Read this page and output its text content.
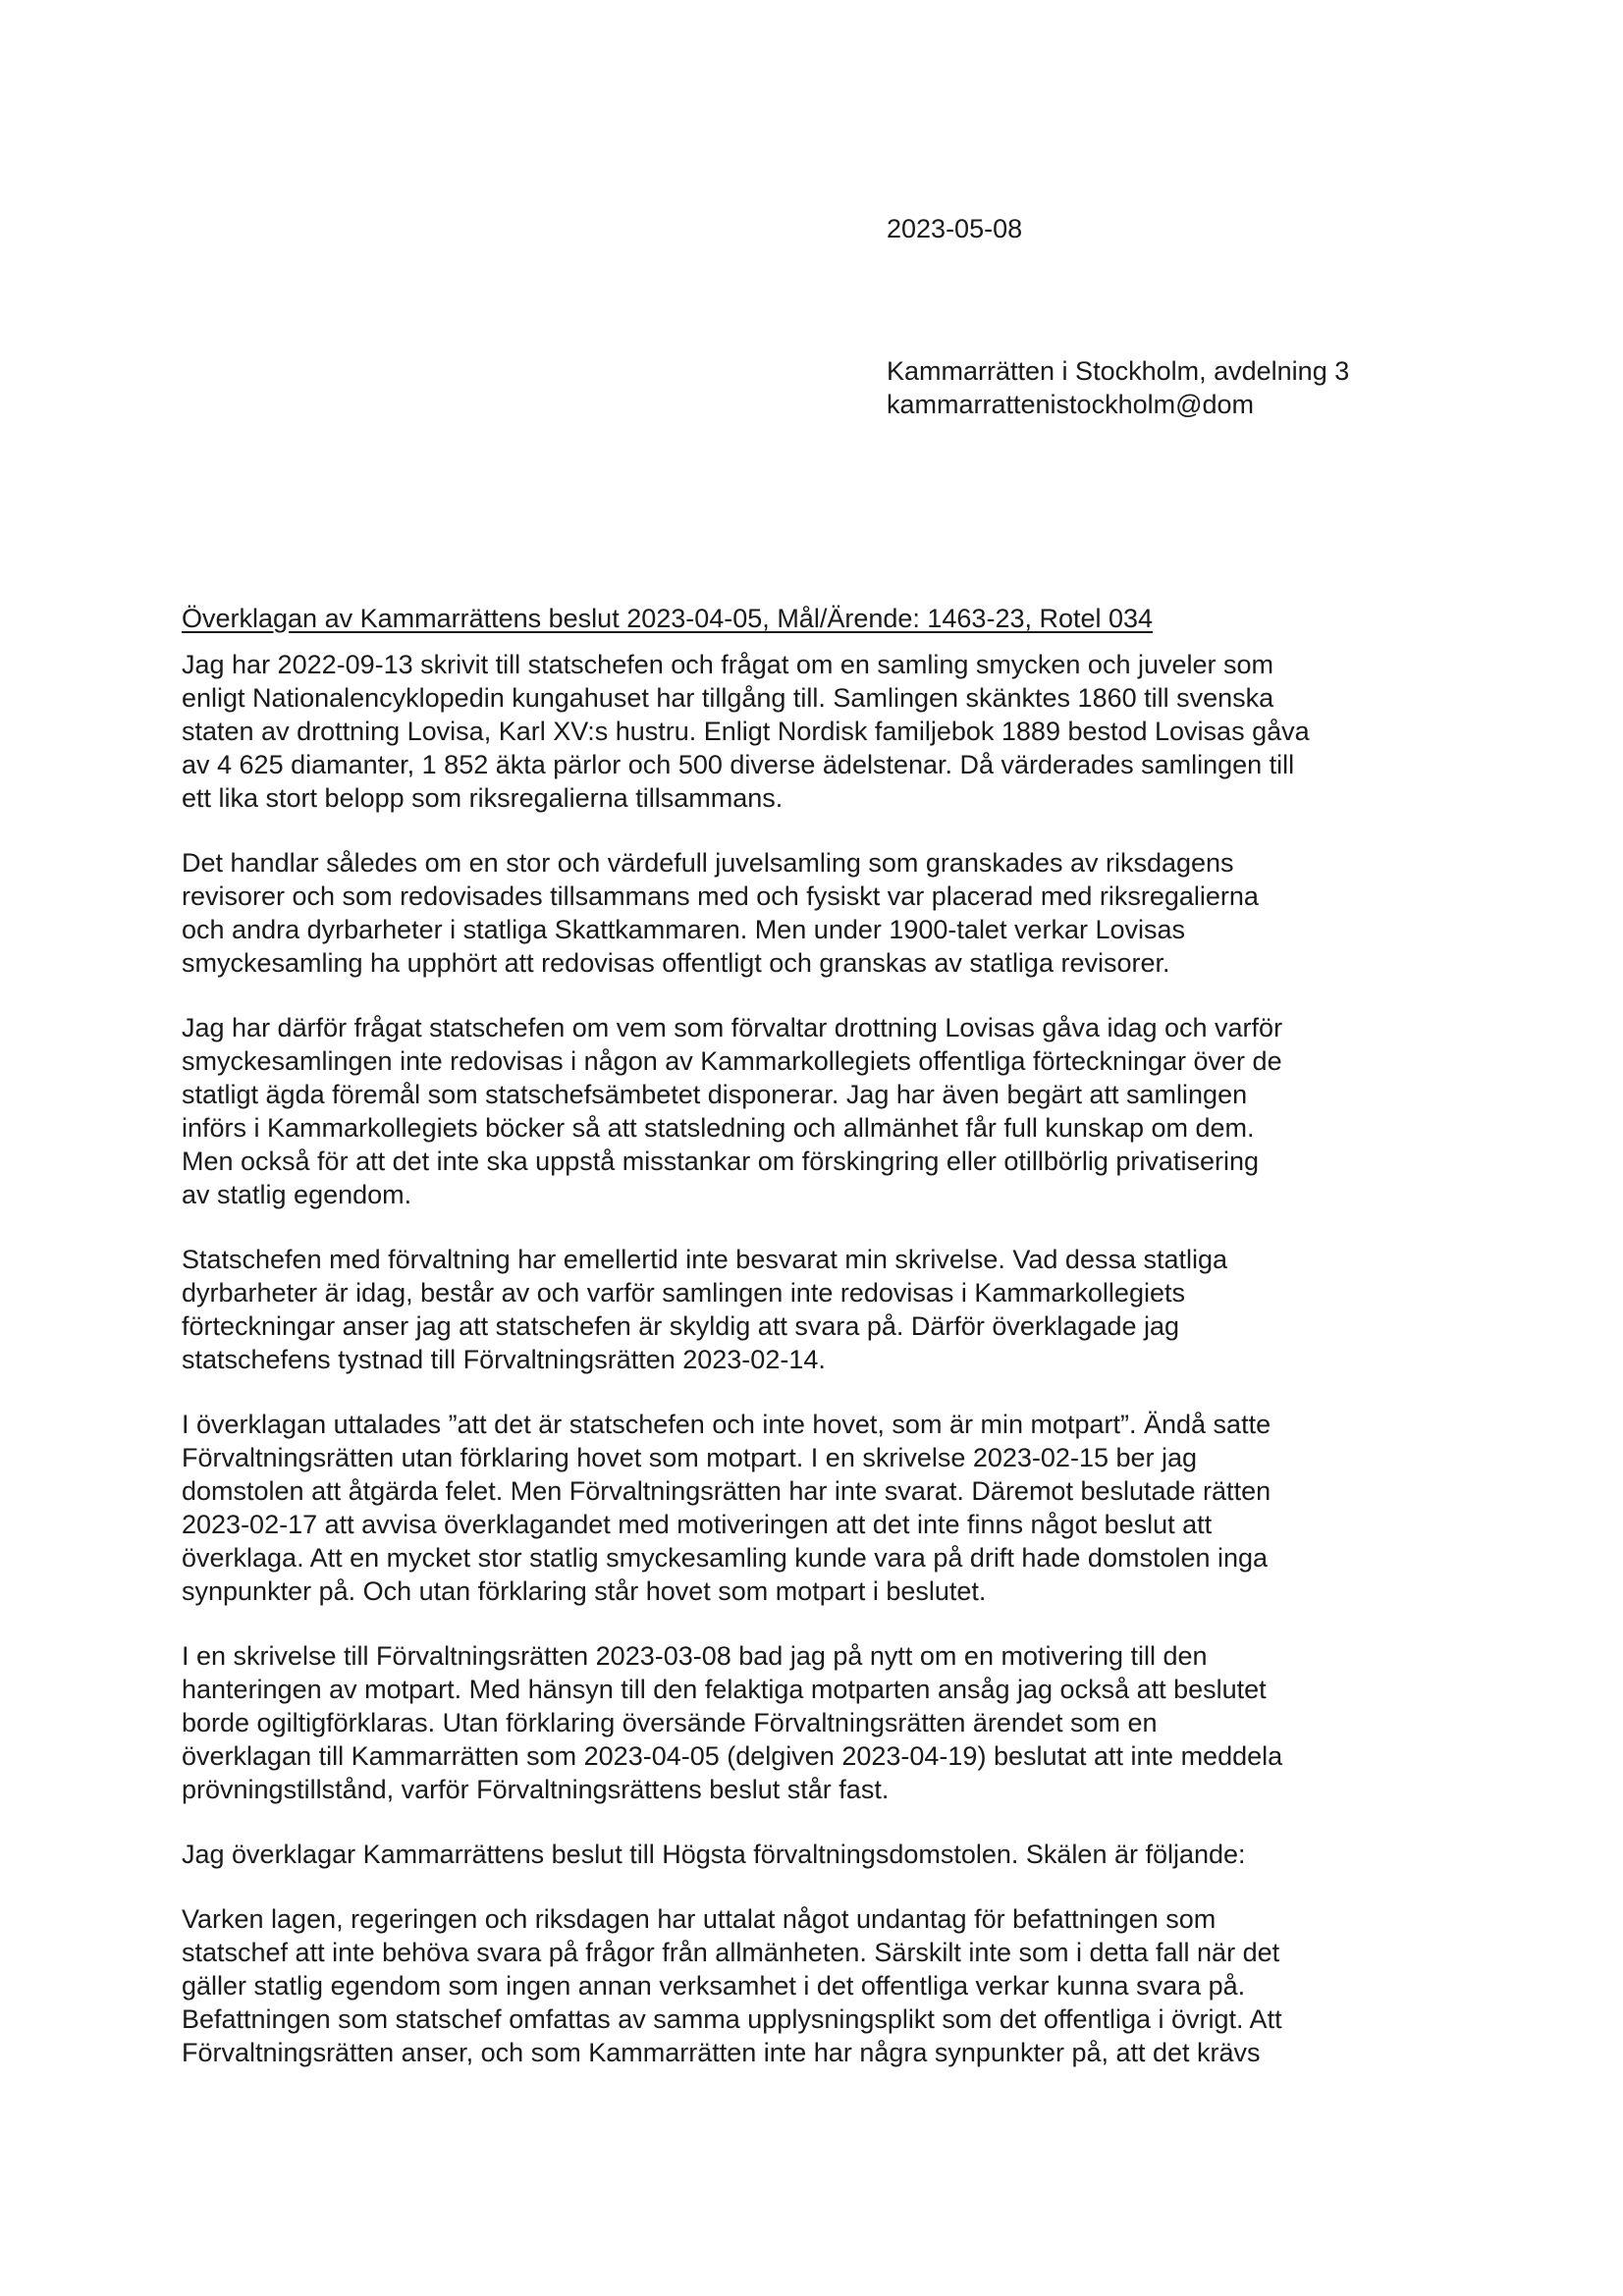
2023-05-08
Kammarrätten i Stockholm, avdelning 3
kammarrattenistockholm@dom
Överklagan av Kammarrättens beslut 2023-04-05, Mål/Ärende: 1463-23, Rotel 034
Jag har 2022-09-13 skrivit till statschefen och frågat om en samling smycken och juveler som
enligt Nationalencyklopedin kungahuset har tillgång till. Samlingen skänktes 1860 till svenska
staten av drottning Lovisa, Karl XV:s hustru. Enligt Nordisk familjebok 1889 bestod Lovisas gåva
av 4 625 diamanter, 1 852 äkta pärlor och 500 diverse ädelstenar. Då värderades samlingen till
ett lika stort belopp som riksregalierna tillsammans.
Det handlar således om en stor och värdefull juvelsamling som granskades av riksdagens
revisorer och som redovisades tillsammans med och fysiskt var placerad med riksregalierna
och andra dyrbarheter i statliga Skattkammaren. Men under 1900-talet verkar Lovisas
smyckesamling ha upphört att redovisas offentligt och granskas av statliga revisorer.
Jag har därför frågat statschefen om vem som förvaltar drottning Lovisas gåva idag och varför
smyckesamlingen inte redovisas i någon av Kammarkollegiets offentliga förteckningar över de
statligt ägda föremål som statschefsämbetet disponerar. Jag har även begärt att samlingen
införs i Kammarkollegiets böcker så att statsledning och allmänhet får full kunskap om dem.
Men också för att det inte ska uppstå misstankar om förskingring eller otillbörlig privatisering
av statlig egendom.
Statschefen med förvaltning har emellertid inte besvarat min skrivelse. Vad dessa statliga
dyrbarheter är idag, består av och varför samlingen inte redovisas i Kammarkollegiets
förteckningar anser jag att statschefen är skyldig att svara på. Därför överklagade jag
statschefens tystnad till Förvaltningsrätten 2023-02-14.
I överklagan uttalades ”att det är statschefen och inte hovet, som är min motpart”. Ändå satte
Förvaltningsrätten utan förklaring hovet som motpart. I en skrivelse 2023-02-15 ber jag
domstolen att åtgärda felet. Men Förvaltningsrätten har inte svarat. Däremot beslutade rätten
2023-02-17 att avvisa överklagandet med motiveringen att det inte finns något beslut att
överklaga. Att en mycket stor statlig smyckesamling kunde vara på drift hade domstolen inga
synpunkter på. Och utan förklaring står hovet som motpart i beslutet.
I en skrivelse till Förvaltningsrätten 2023-03-08 bad jag på nytt om en motivering till den
hanteringen av motpart. Med hänsyn till den felaktiga motparten ansåg jag också att beslutet
borde ogiltigförklaras. Utan förklaring översände Förvaltningsrätten ärendet som en
överklagan till Kammarrätten som 2023-04-05 (delgiven 2023-04-19) beslutat att inte meddela
prövningstillstånd, varför Förvaltningsrättens beslut står fast.
Jag överklagar Kammarrättens beslut till Högsta förvaltningsdomstolen. Skälen är följande:
Varken lagen, regeringen och riksdagen har uttalat något undantag för befattningen som
statschef att inte behöva svara på frågor från allmänheten. Särskilt inte som i detta fall när det
gäller statlig egendom som ingen annan verksamhet i det offentliga verkar kunna svara på.
Befattningen som statschef omfattas av samma upplysningsplikt som det offentliga i övrigt. Att
Förvaltningsrätten anser, och som Kammarrätten inte har några synpunkter på, att det krävs
